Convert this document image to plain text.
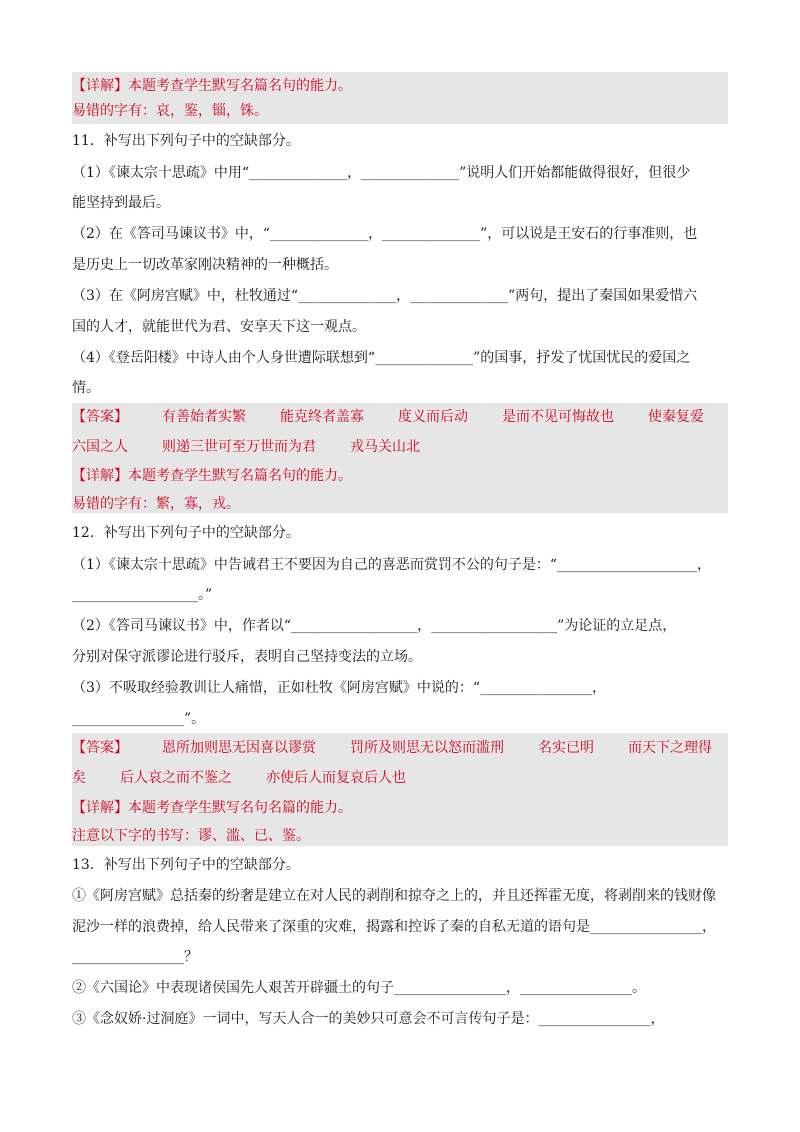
【详解】本题考查学生默写名篇名句的能力。
易错的字有：哀，鉴，锱，铢。
11．补写出下列句子中的空缺部分。
（1）《谏太宗十思疏》中用“______________，______________”说明人们开始都能做得很好，但很少
能坚持到最后。
（2）在《答司马谏议书》中，“______________，______________”，可以说是王安石的行事准则，也
是历史上一切改革家刚决精神的一种概括。
（3）在《阿房宫赋》中，杜牧通过“______________，______________”两句，提出了秦国如果爱惜六
国的人才，就能世代为君、安享天下这一观点。
（4）《登岳阳楼》中诗人由个人身世遭际联想到“______________”的国事，抒发了忧国忧民的爱国之
情。
【答案】 有善始者实繁 能克终者盖寡 度义而后动 是而不见可悔故也 使秦复爱
六国之人 则递三世可至万世而为君 戎马关山北
【详解】本题考查学生默写名篇名句的能力。
易错的字有：繁，寡，戎。
12．补写出下列句子中的空缺部分。
（1）《谏太宗十思疏》中告诫君王不要因为自己的喜恶而赏罚不公的句子是：“____________________，
__________________。”
（2）《答司马谏议书》中，作者以“__________________，__________________”为论证的立足点，
分别对保守派谬论进行驳斥，表明自己坚持变法的立场。
（3）不吸取经验教训让人痛惜，正如杜牧《阿房宫赋》中说的：“________________，
________________”。
【答案】 恩所加则思无因喜以谬赏 罚所及则思无以怒而滥刑 名实已明 而天下之理得
矣 后人哀之而不鉴之 亦使后人而复哀后人也
【详解】本题考查学生默写名句名篇的能力。
注意以下字的书写：谬、滥、已、鉴。
13．补写出下列句子中的空缺部分。
①《阿房宫赋》总括秦的纷奢是建立在对人民的剥削和掠夺之上的，并且还挥霍无度，将剥削来的钱财像
泥沙一样的浪费掉，给人民带来了深重的灾难，揭露和控诉了秦的自私无道的语句是________________，
________________？
②《六国论》中表现诸侯国先人艰苦开辟疆土的句子________________，________________。
③《念奴娇·过洞庭》一词中，写天人合一的美妙只可意会不可言传句子是：________________，
